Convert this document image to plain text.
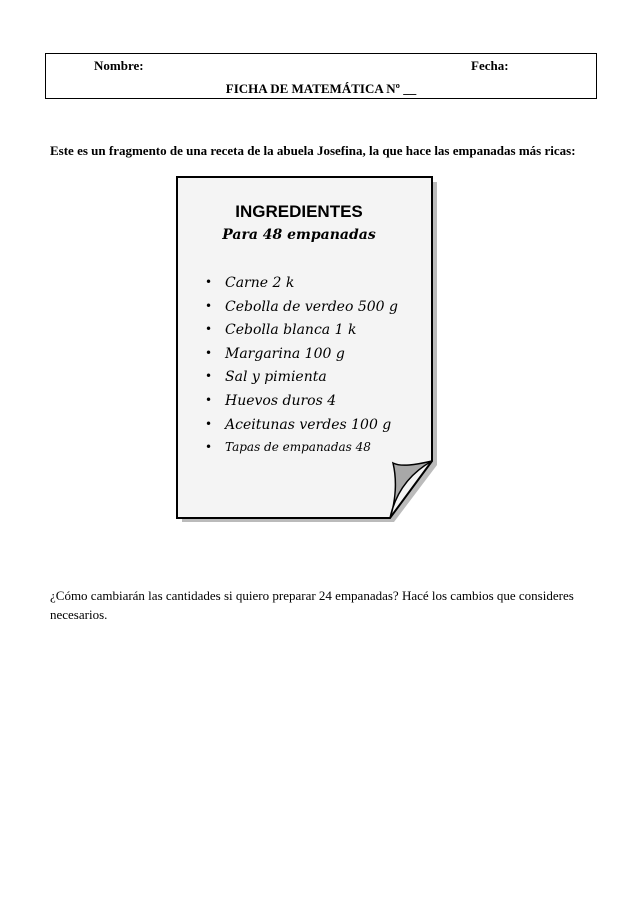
Nombre:	Fecha:
FICHA DE MATEMÁTICA Nº __
Este es un fragmento de una receta de la abuela Josefina, la que hace las empanadas más ricas:
INGREDIENTES
Para 48 empanadas
• Carne 2 k
• Cebolla de verdeo 500 g
• Cebolla blanca 1 k
• Margarina 100 g
• Sal y pimienta
• Huevos duros 4
• Aceitunas verdes 100 g
• Tapas de empanadas 48
¿Cómo cambiarán las cantidades si quiero preparar 24 empanadas? Hacé los cambios que consideres necesarios.
